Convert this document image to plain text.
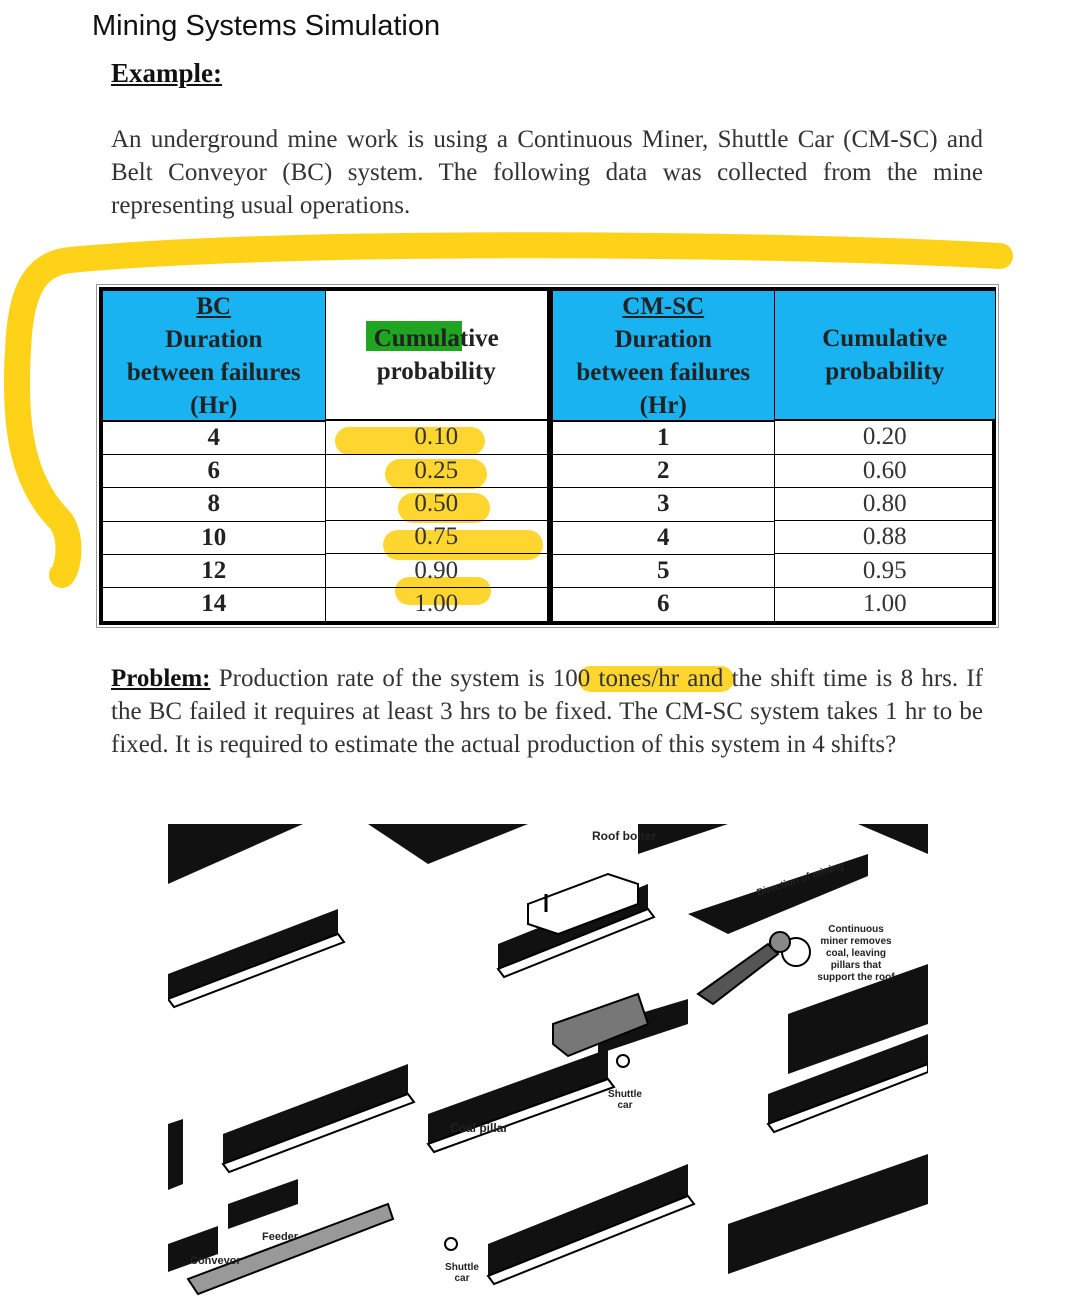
Mining Systems Simulation
Example:
An underground mine work is using a Continuous Miner, Shuttle Car (CM-SC) and Belt Conveyor (BC) system. The following data was collected from the mine representing usual operations.
BC
Duration
between failures
(Hr)
4
6
8
10
12
14
Cumulative
probability
0.10
0.25
0.50
0.75
0.90
1.00
CM-SC
Duration
between failures
(Hr)
1
2
3
4
5
6
Cumulative
probability
0.20
0.60
0.80
0.88
0.95
1.00
Problem: Production rate of the system is 100 tones/hr and the shift time is 8 hrs. If the BC failed it requires at least 3 hrs to be fixed. The CM-SC system takes 1 hr to be fixed. It is required to estimate the actual production of this system in 4 shifts?
Roof bolter
Direction of mining
Continuous
miner removes
coal, leaving
pillars that
support the roof
COAL
Shuttle
car
Coal pillar
Feeder
Conveyor
Shuttle
car
